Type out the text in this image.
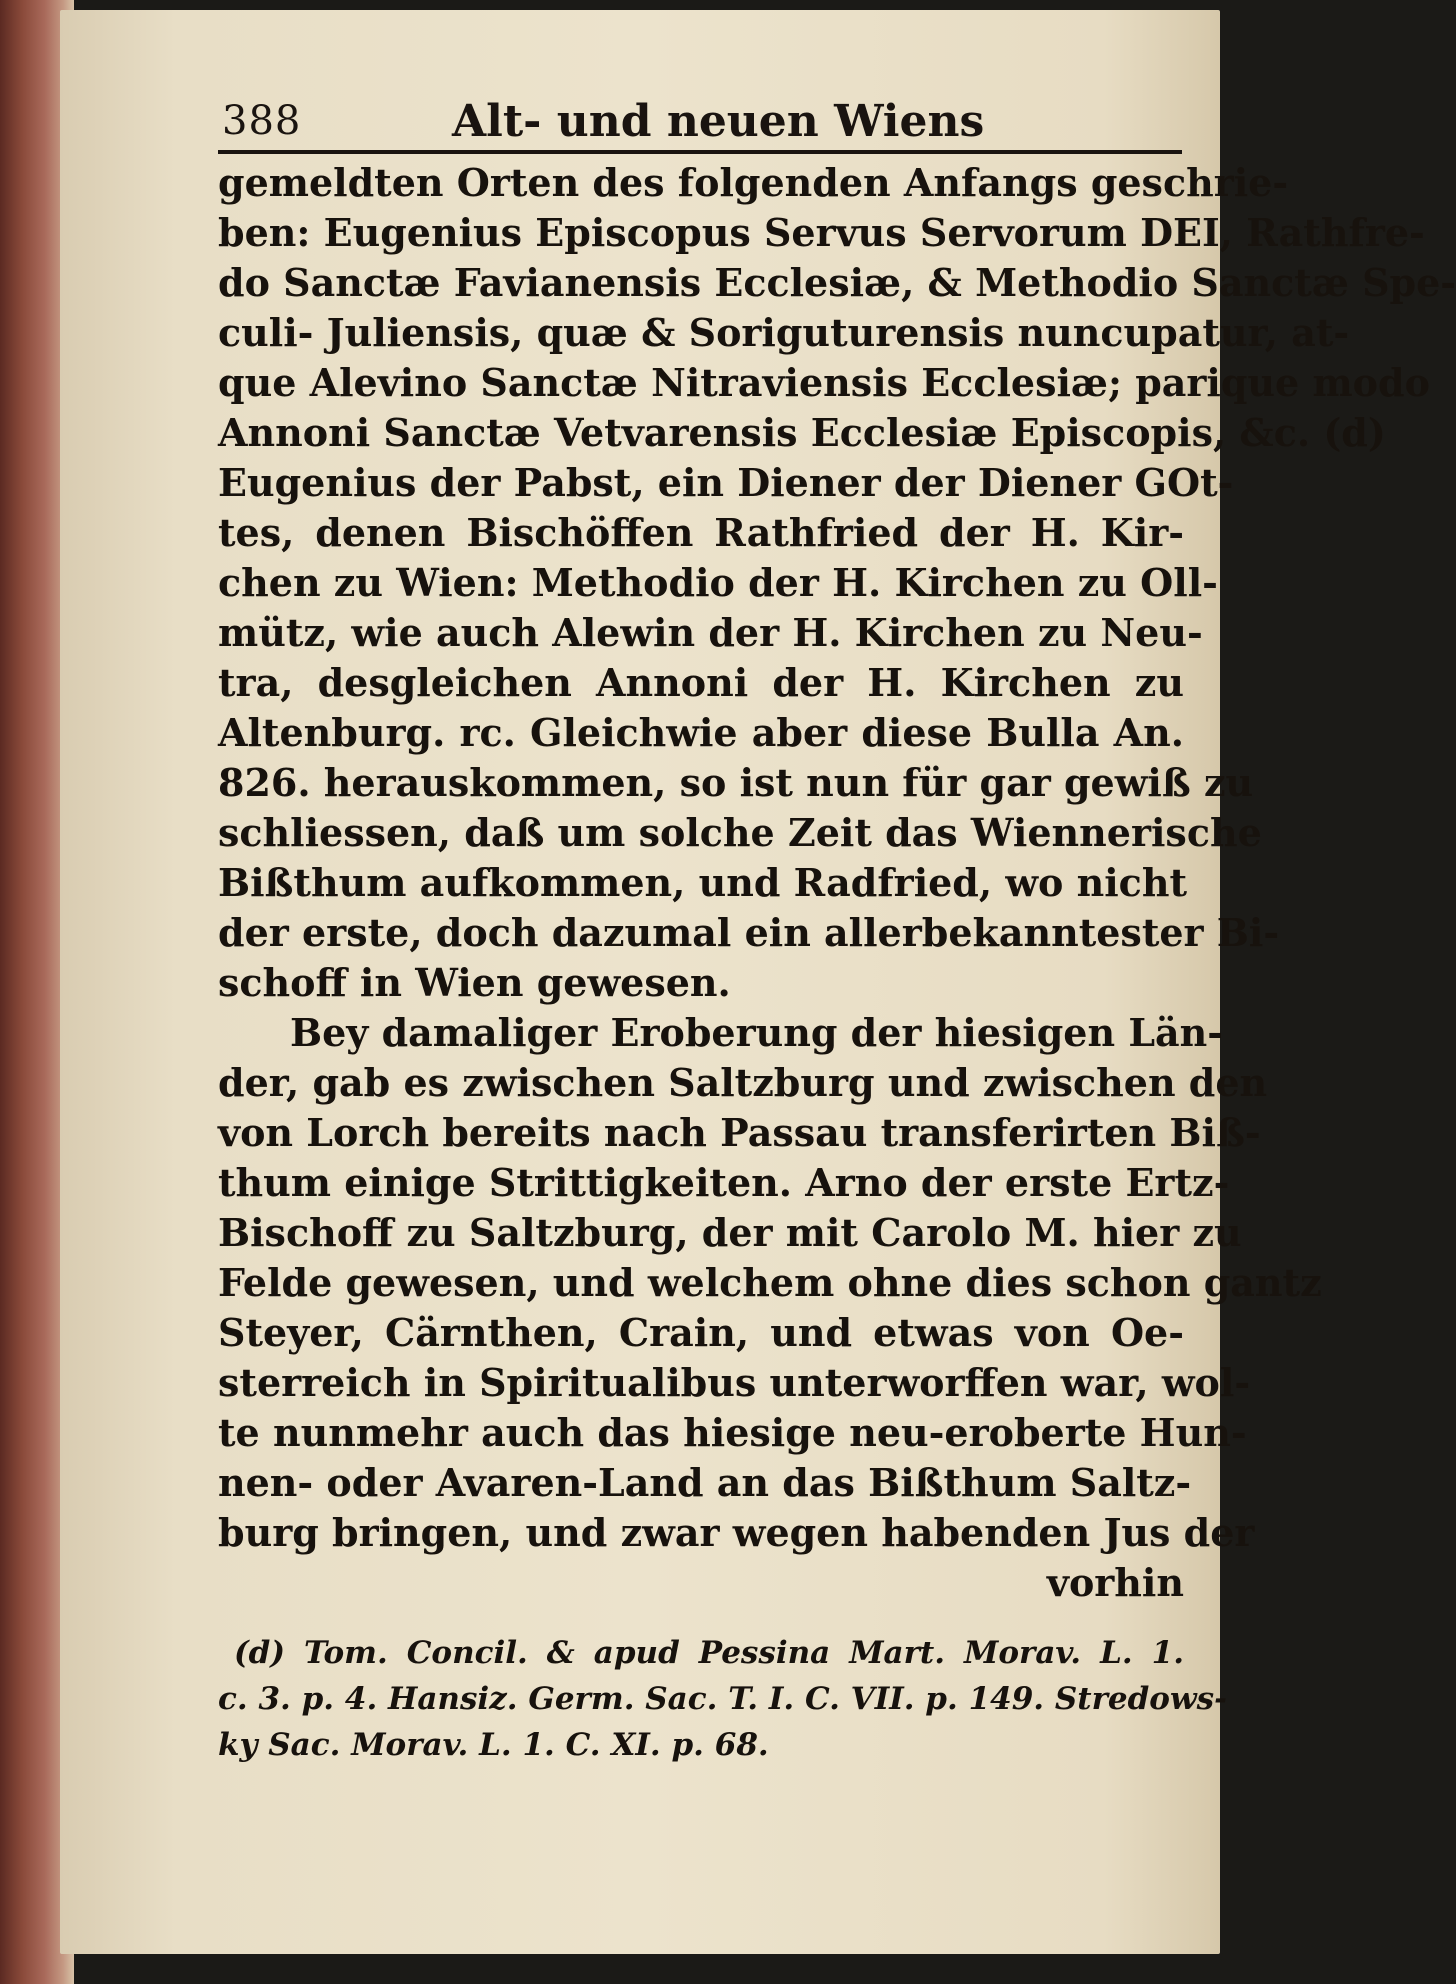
388	Alt- und neuen Wiens
gemeldten Orten des folgenden Anfangs geschrie-
ben: Eugenius Episcopus Servus Servorum DEI, Rathfre-
do Sanctæ Favianensis Ecclesiæ, & Methodio Sanctæ Spe-
culi- Juliensis, quæ & Soriguturensis nuncupatur, at-
que Alevino Sanctæ Nitraviensis Ecclesiæ; parique modo
Annoni Sanctæ Vetvarensis Ecclesiæ Episcopis, &c. (d)
Eugenius der Pabst, ein Diener der Diener GOt-
tes, denen Bischöffen Rathfried der H. Kir-
chen zu Wien: Methodio der H. Kirchen zu Oll-
mütz, wie auch Alewin der H. Kirchen zu Neu-
tra, desgleichen Annoni der H. Kirchen zu
Altenburg. rc. Gleichwie aber diese Bulla An.
826. herauskommen, so ist nun für gar gewiß zu
schliessen, daß um solche Zeit das Wiennerische
Bißthum aufkommen, und Radfried, wo nicht
der erste, doch dazumal ein allerbekanntester Bi-
schoff in Wien gewesen.
Bey damaliger Eroberung der hiesigen Län-
der, gab es zwischen Saltzburg und zwischen den
von Lorch bereits nach Passau transferirten Biß-
thum einige Strittigkeiten. Arno der erste Ertz-
Bischoff zu Saltzburg, der mit Carolo M. hier zu
Felde gewesen, und welchem ohne dies schon gantz
Steyer, Cärnthen, Crain, und etwas von Oe-
sterreich in Spiritualibus unterworffen war, wol-
te nunmehr auch das hiesige neu-eroberte Hun-
nen- oder Avaren-Land an das Bißthum Saltz-
burg bringen, und zwar wegen habenden Jus der
vorhin
(d) Tom. Concil. & apud Pessina Mart. Morav. L. 1.
c. 3. p. 4. Hansiz. Germ. Sac. T. I. C. VII. p. 149. Stredows-
ky Sac. Morav. L. 1. C. XI. p. 68.
